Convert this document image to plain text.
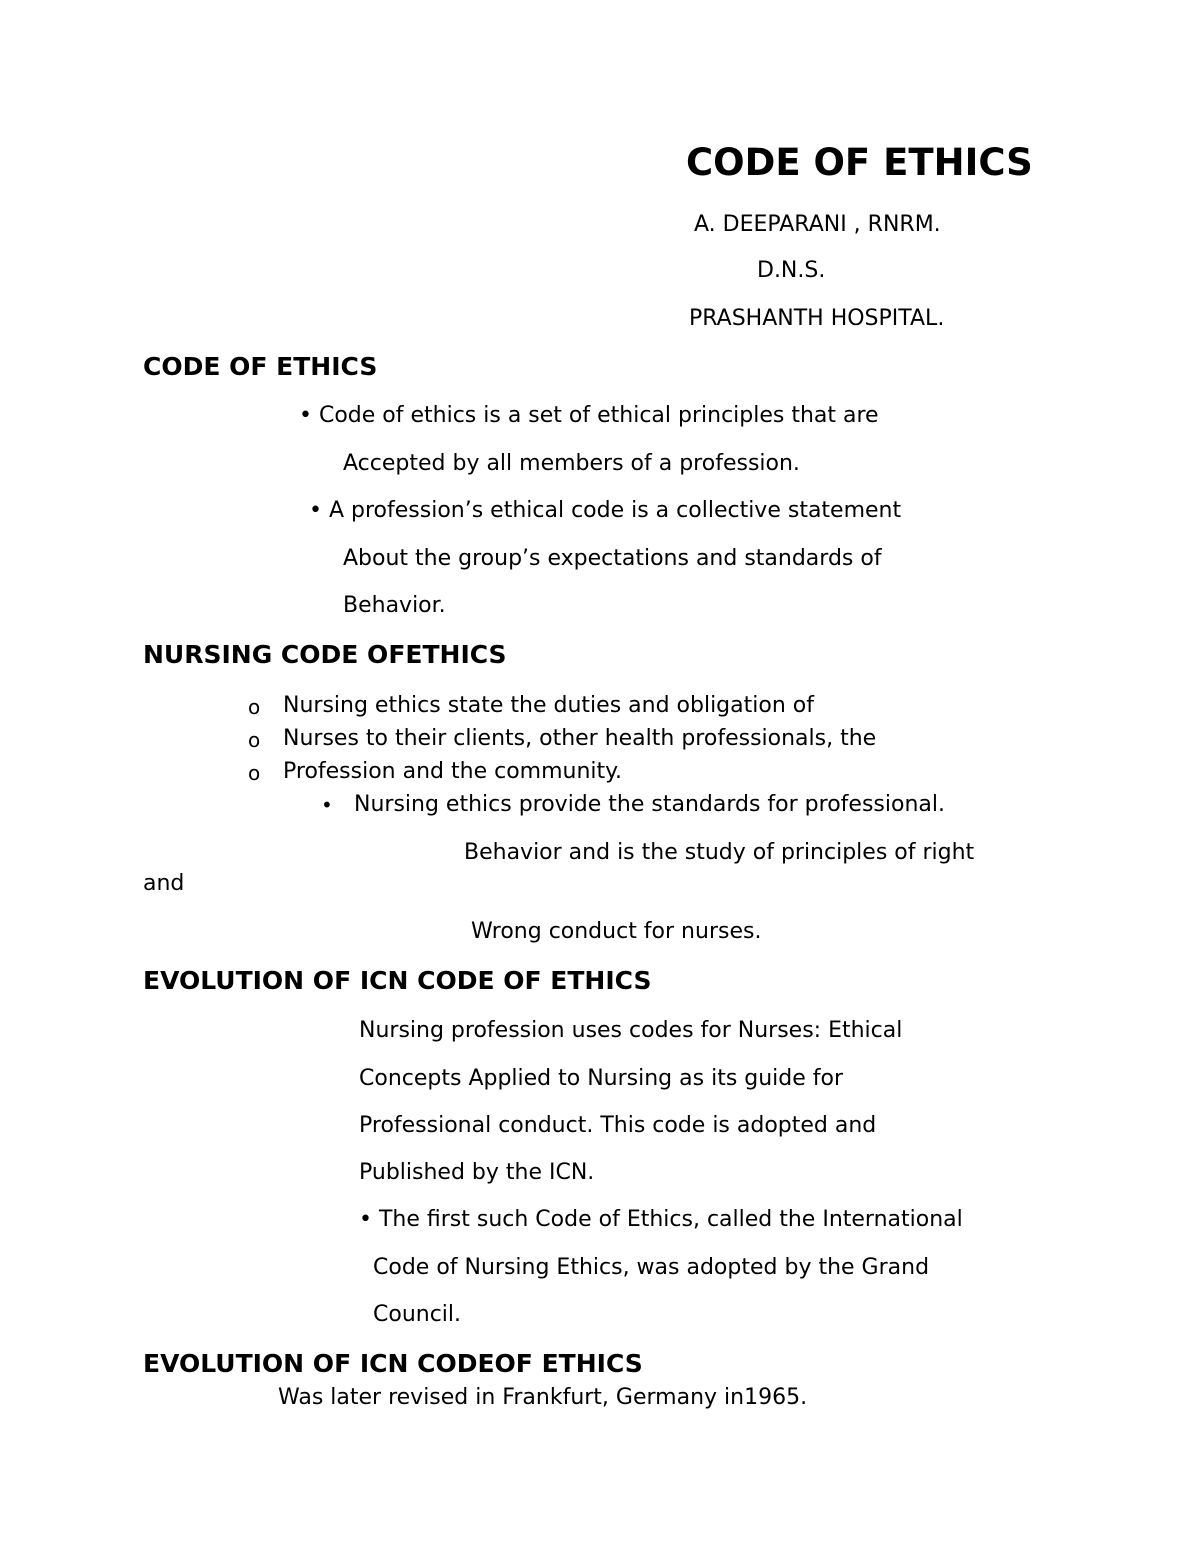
CODE OF ETHICS
A. DEEPARANI , RNRM.
D.N.S.
PRASHANTH HOSPITAL.
CODE OF ETHICS
• Code of ethics is a set of ethical principles that are
Accepted by all members of a profession.
• A profession’s ethical code is a collective statement
About the group’s expectations and standards of
Behavior.
NURSING CODE OFETHICS
o Nursing ethics state the duties and obligation of
o Nurses to their clients, other health professionals, the
o Profession and the community.
• Nursing ethics provide the standards for professional.
Behavior and is the study of principles of right
and
Wrong conduct for nurses.
EVOLUTION OF ICN CODE OF ETHICS
Nursing profession uses codes for Nurses: Ethical
Concepts Applied to Nursing as its guide for
Professional conduct. This code is adopted and
Published by the ICN.
• The first such Code of Ethics, called the International
Code of Nursing Ethics, was adopted by the Grand
Council.
EVOLUTION OF ICN CODEOF ETHICS
Was later revised in Frankfurt, Germany in1965.
